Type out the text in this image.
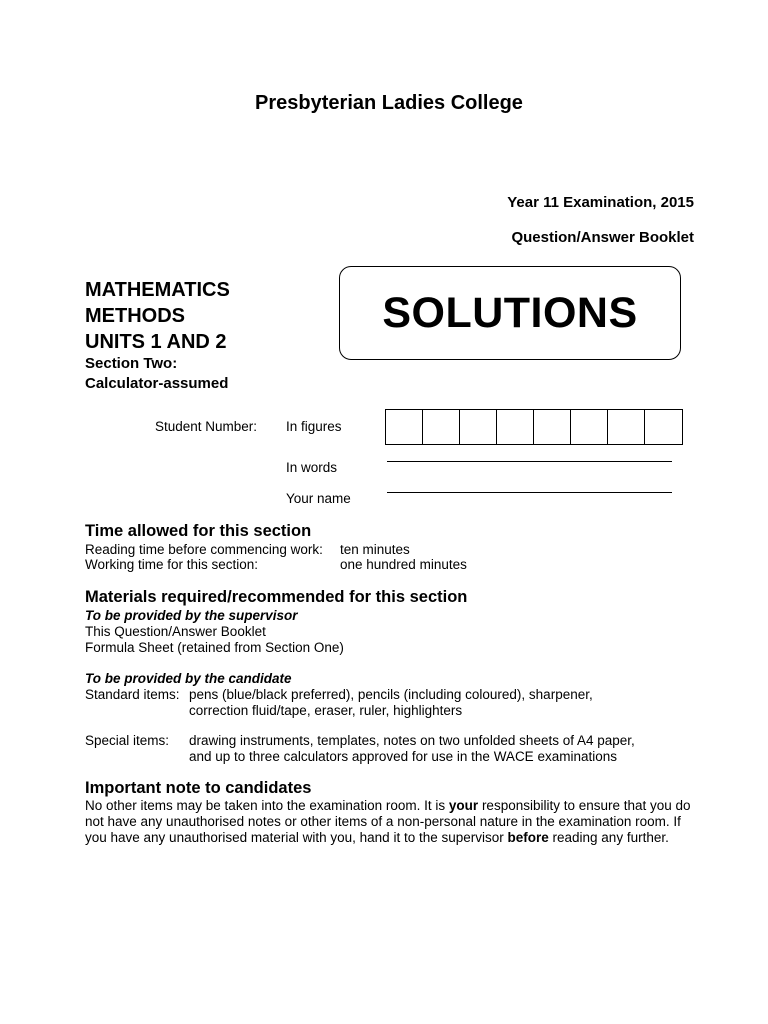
Presbyterian Ladies College
Year 11 Examination, 2015
Question/Answer Booklet
MATHEMATICS
METHODS
UNITS 1 AND 2
Section Two:
Calculator-assumed
SOLUTIONS
Student Number: In figures
In words
Your name
Time allowed for this section
Reading time before commencing work: ten minutes
Working time for this section:	one hundred minutes
Materials required/recommended for this section
To be provided by the supervisor
This Question/Answer Booklet
Formula Sheet (retained from Section One)
To be provided by the candidate
Standard items: pens (blue/black preferred), pencils (including coloured), sharpener,
correction fluid/tape, eraser, ruler, highlighters
Special items: drawing instruments, templates, notes on two unfolded sheets of A4 paper,
and up to three calculators approved for use in the WACE examinations
Important note to candidates
No other items may be taken into the examination room. It is your responsibility to ensure that you do not have any unauthorised notes or other items of a non-personal nature in the examination room. If you have any unauthorised material with you, hand it to the supervisor before reading any further.
